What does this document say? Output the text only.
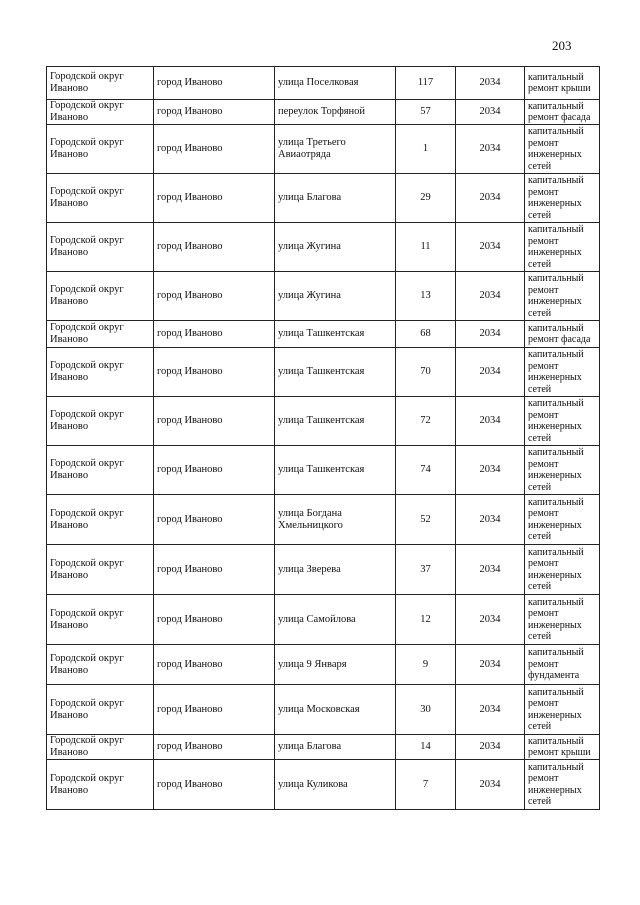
203
Городской округ Иваново	город Иваново	улица Поселковая	117	2034	капитальный ремонт крыши
Городской округ Иваново	город Иваново	переулок Торфяной	57	2034	капитальный ремонт фасада
Городской округ Иваново	город Иваново	улица Третьего Авиаотряда	1	2034	капитальный ремонт инженерных сетей
Городской округ Иваново	город Иваново	улица Благова	29	2034	капитальный ремонт инженерных сетей
Городской округ Иваново	город Иваново	улица Жугина	11	2034	капитальный ремонт инженерных сетей
Городской округ Иваново	город Иваново	улица Жугина	13	2034	капитальный ремонт инженерных сетей
Городской округ Иваново	город Иваново	улица Ташкентская	68	2034	капитальный ремонт фасада
Городской округ Иваново	город Иваново	улица Ташкентская	70	2034	капитальный ремонт инженерных сетей
Городской округ Иваново	город Иваново	улица Ташкентская	72	2034	капитальный ремонт инженерных сетей
Городской округ Иваново	город Иваново	улица Ташкентская	74	2034	капитальный ремонт инженерных сетей
Городской округ Иваново	город Иваново	улица Богдана Хмельницкого	52	2034	капитальный ремонт инженерных сетей
Городской округ Иваново	город Иваново	улица Зверева	37	2034	капитальный ремонт инженерных сетей
Городской округ Иваново	город Иваново	улица Самойлова	12	2034	капитальный ремонт инженерных сетей
Городской округ Иваново	город Иваново	улица 9 Января	9	2034	капитальный ремонт фундамента
Городской округ Иваново	город Иваново	улица Московская	30	2034	капитальный ремонт инженерных сетей
Городской округ Иваново	город Иваново	улица Благова	14	2034	капитальный ремонт крыши
Городской округ Иваново	город Иваново	улица Куликова	7	2034	капитальный ремонт инженерных сетей
